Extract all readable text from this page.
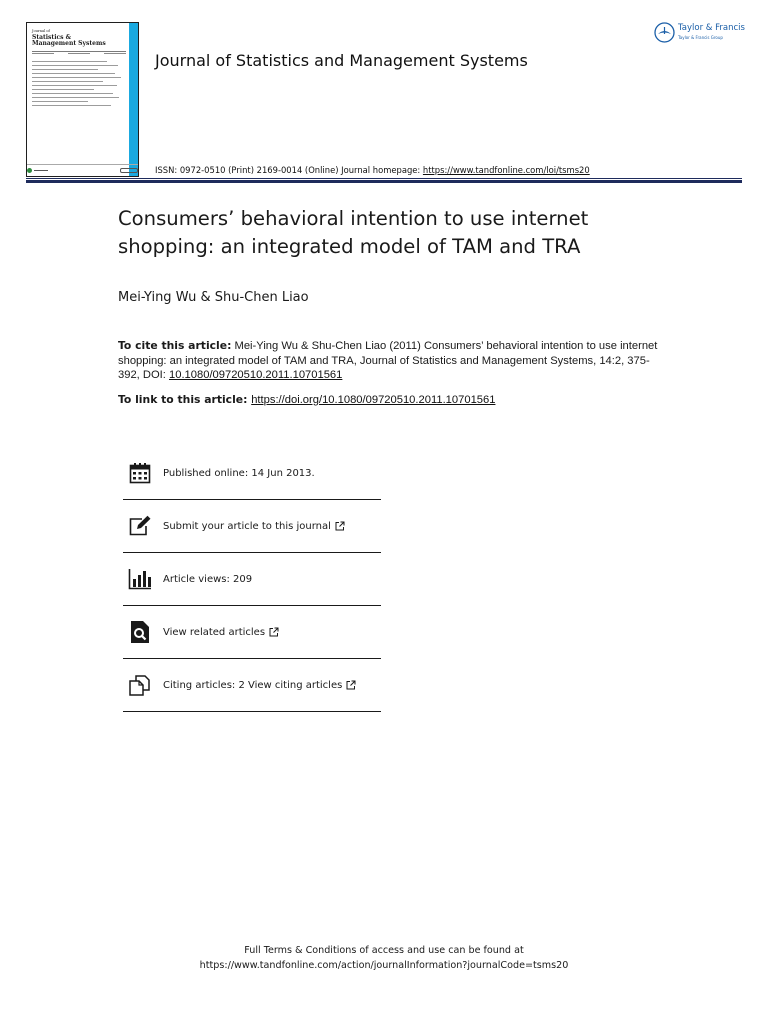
Journal of
Statistics &
Management Systems
Journal of Statistics and Management Systems
Taylor & Francis
Taylor & Francis Group
ISSN: 0972-0510 (Print) 2169-0014 (Online) Journal homepage: https://www.tandfonline.com/loi/tsms20
Consumers’ behavioral intention to use internet shopping: an integrated model of TAM and TRA
Mei-Ying Wu & Shu-Chen Liao
To cite this article: Mei-Ying Wu & Shu-Chen Liao (2011) Consumers’ behavioral intention to use internet shopping: an integrated model of TAM and TRA, Journal of Statistics and Management Systems, 14:2, 375-392, DOI: 10.1080/09720510.2011.10701561
To link to this article: https://doi.org/10.1080/09720510.2011.10701561
Published online: 14 Jun 2013.
Submit your article to this journal
Article views: 209
View related articles
Citing articles: 2 View citing articles
Full Terms & Conditions of access and use can be found at
https://www.tandfonline.com/action/journalInformation?journalCode=tsms20
